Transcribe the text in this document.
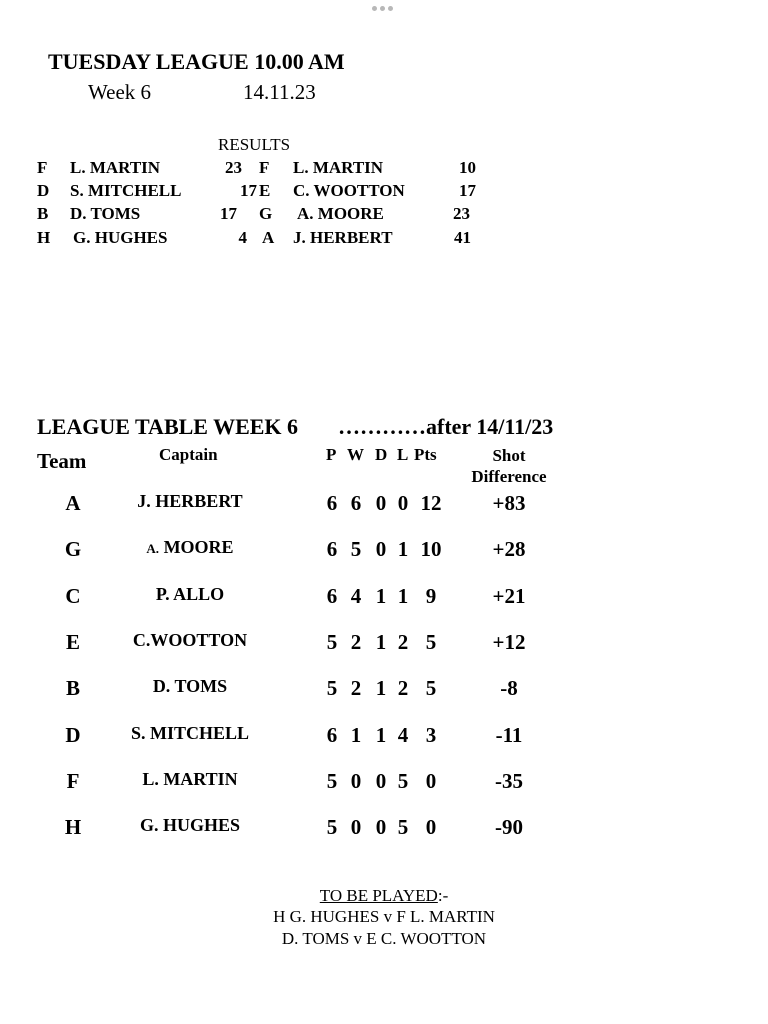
TUESDAY LEAGUE 10.00 AM
Week 6	14.11.23
RESULTS
F L. MARTIN	23 F L. MARTIN	10
D S. MITCHELL	17 E C. WOOTTON	17
B D. TOMS	17 G A. MOORE	23
H G. HUGHES	4 A J. HERBERT	41
LEAGUE TABLE WEEK 6 …………after 14/11/23
Team	Captain	P W D L Pts	Shot
Difference
A	J. HERBERT	6 6 0 0 12	+83
G	A. MOORE	6 5 0 1 10	+28
C	P. ALLO	6 4 1 1 9	+21
E	C.WOOTTON	5 2 1 2 5	+12
B	D. TOMS	5 2 1 2 5	-8
D	S. MITCHELL	6 1 1 4 3	-11
F	L. MARTIN	5 0 0 5 0	-35
H	G. HUGHES	5 0 0 5 0	-90
TO BE PLAYED:-
H G. HUGHES v F L. MARTIN
D. TOMS v E C. WOOTTON
